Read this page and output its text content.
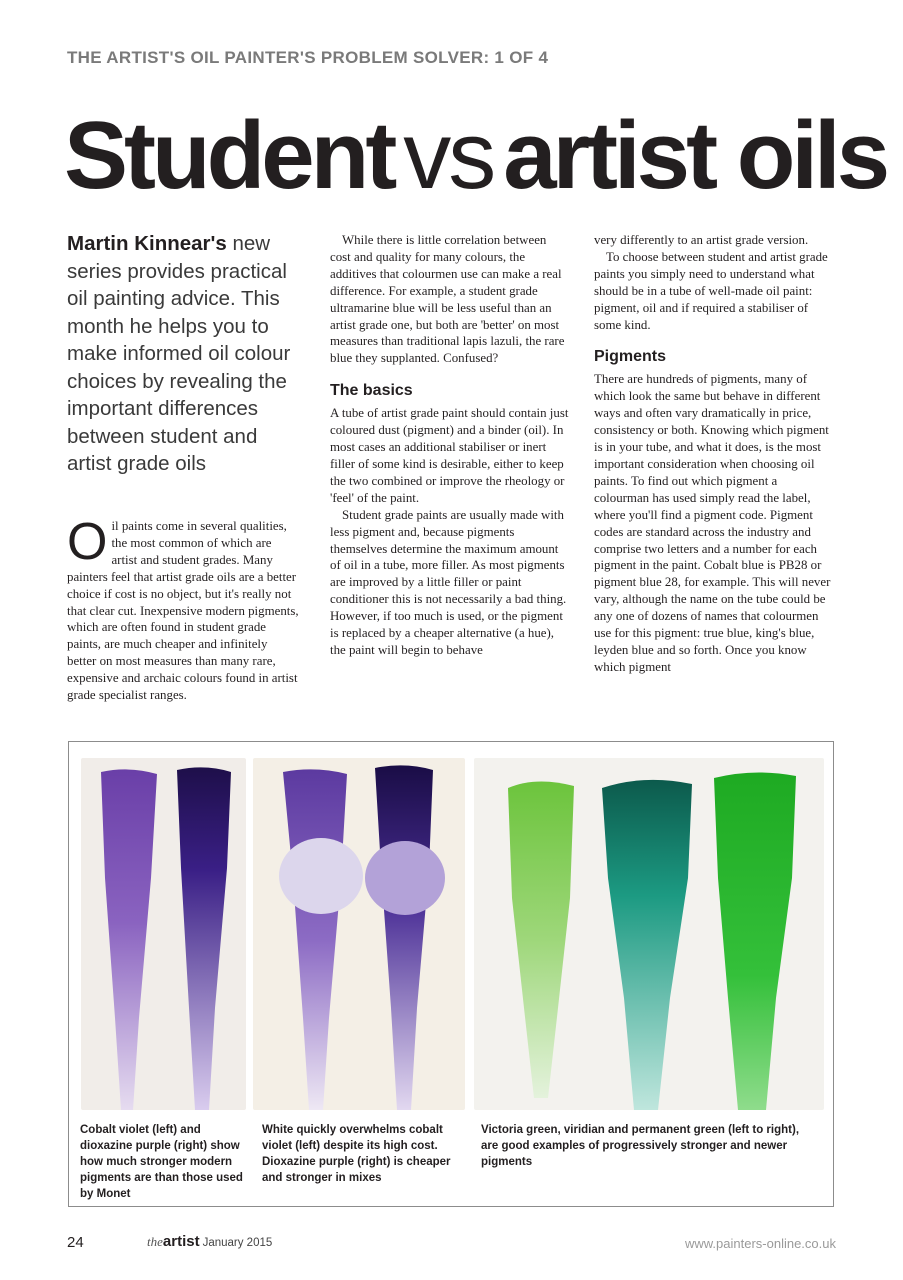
THE ARTIST'S OIL PAINTER'S PROBLEM SOLVER: 1 OF 4
Student vs artist oils
Martin Kinnear's new series provides practical oil painting advice. This month he helps you to make informed oil colour choices by revealing the important differences between student and artist grade oils
O il paints come in several qualities, the most common of which are artist and student grades. Many painters feel that artist grade oils are a better choice if cost is no object, but it's really not that clear cut. Inexpensive modern pigments, which are often found in student grade paints, are much cheaper and infinitely better on most measures than many rare, expensive and archaic colours found in artist grade specialist ranges.

While there is little correlation between cost and quality for many colours, the additives that colourmen use can make a real difference. For example, a student grade ultramarine blue will be less useful than an artist grade one, but both are 'better' on most measures than traditional lapis lazuli, the rare blue they supplanted. Confused?

The basics

A tube of artist grade paint should contain just coloured dust (pigment) and a binder (oil). In most cases an additional stabiliser or inert filler of some kind is desirable, either to keep the two combined or improve the rheology or 'feel' of the paint.

Student grade paints are usually made with less pigment and, because pigments themselves determine the maximum amount of oil in a tube, more filler. As most pigments are improved by a little filler or paint conditioner this is not necessarily a bad thing. However, if too much is used, or the pigment is replaced by a cheaper alternative (a hue), the paint will begin to behave

very differently to an artist grade version.

To choose between student and artist grade paints you simply need to understand what should be in a tube of well-made oil paint: pigment, oil and if required a stabiliser of some kind.

Pigments

There are hundreds of pigments, many of which look the same but behave in different ways and often vary dramatically in price, consistency or both. Knowing which pigment is in your tube, and what it does, is the most important consideration when choosing oil paints. To find out which pigment a colourman has used simply read the label, where you'll find a pigment code. Pigment codes are standard across the industry and comprise two letters and a number for each pigment in the paint. Cobalt blue is PB28 or pigment blue 28, for example. This will never vary, although the name on the tube could be any one of dozens of names that colourmen use for this pigment: true blue, king's blue, leyden blue and so forth. Once you know which pigment

Cobalt violet (left) and dioxazine purple (right) show how much stronger modern pigments are than those used by Monet
White quickly overwhelms cobalt violet (left) despite its high cost. Dioxazine purple (right) is cheaper and stronger in mixes
Victoria green, viridian and permanent green (left to right), are good examples of progressively stronger and newer pigments
24	theartist January 2015	www.painters-online.co.uk
